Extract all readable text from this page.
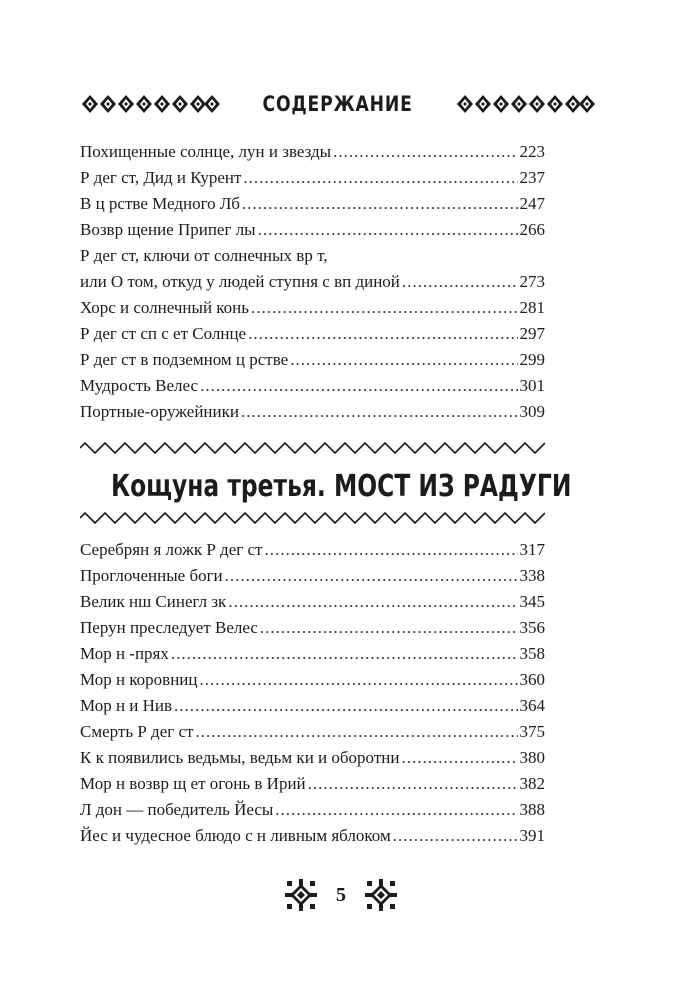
СОДЕРЖАНИЕ
Похищенные солнце, лун и звезды .....	223
Р дег ст, Дид и Курент .....	237
В ц рстве Медного Лб .....	247
Возвр щение Припег лы .....	266
Р дег ст, ключи от солнечных вр т,
или О том, откуд у людей ступня с вп диной .....	273
Хорс и солнечный конь .....	281
Р дег ст сп с ет Солнце .....	297
Р дег ст в подземном ц рстве .....	299
Мудрость Велес .....	301
Портные-оружейники .....	309
Кощуна третья. МОСТ ИЗ РАДУГИ
Серебрян я ложк Р дег ст .....	317
Проглоченные боги .....	338
Велик нш Синегл зк .....	345
Перун преследует Велес .....	356
Мор н -прях .....	358
Мор н коровниц .....	360
Мор н и Нив .....	364
Смерть Р дег ст .....	375
К к появились ведьмы, ведьм ки и оборотни .....	380
Мор н возвр щ ет огонь в Ирий .....	382
Л дон — победитель Йесы .....	388
Йес и чудесное блюдо с н ливным яблоком .....	391
5
